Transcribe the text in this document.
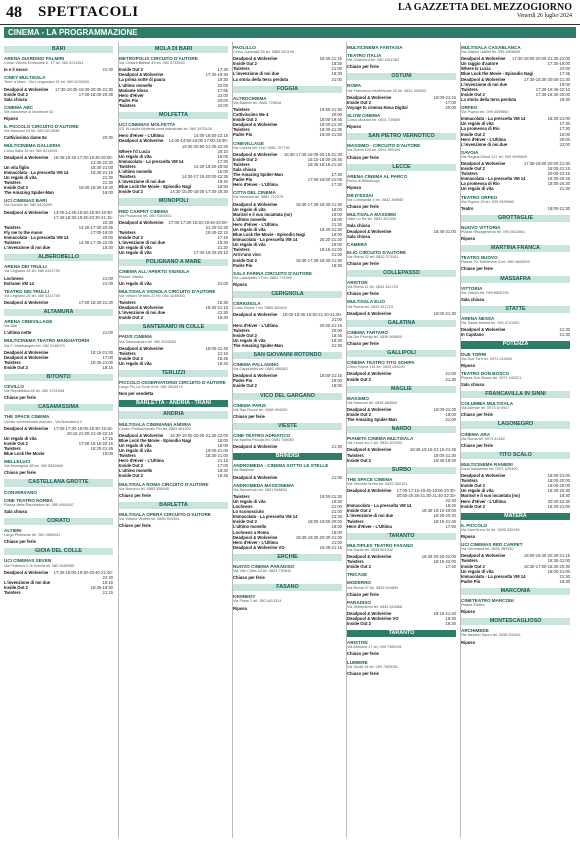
48 SPETTACOLI	LA GAZZETTA DEL MEZZOGIORNO
Venerdì 26 luglio 2024
CINEMA - LA PROGRAMMAZIONE
BARI
ARENA GIARDINO PALMIRI
Corso Vittorio Emanuele II, 17 tel. 080 5214811
Io e il secco	21:30
CINEY MULTISALA
Torre a Mare - Via Lungomare 51 tel. 080 5430000
Deadpool & Wolverine 17:30-18:30-19:30-20:30-21:30
Inside Out 2	17:00-18:00-20:45
Sala chiusa
CINEMA ABC
Via Marchese di Montrone 62
Riposo
IL PICCOLO CIRCUITO D'AUTORE
Via Manzoni 24 tel. 080 5213838
Cattivissimo dame 8x	20:30
MULTICINEMA GALLERIA
Corso Italia 15 tel. 080 5214631
Deadpool & Wolverine	16:45-19:45-17:30-18:30-20:00-21:30-22:30
Un vita figlio	18:30-21:00
Immacolata - La prescelta VM 14	18:30-21:15
Un regalo di vita	21:30
Twisters	21:30
Inside Out 2	18:00-18:30-19:30
The Amazing Spider-Man	18:00
UCI CINEMAS BARI
Via Gandhi tel. 080 5420000
Deadpool & Wolverine	14:00-14:45-15:30-18:30-18:30-17:40-18:30-19:45-20:30-21:15-22:30
Twisters	14:30-17:30-20:45
Fly me to the moon	17:00-18:00
Immacolata - La prescelta VM 14	20:00
Twisters	14:30-17:30-22:05
L'invenzione di noi due	18:30
ALBEROBELLO
ARENA DEI TRULLI
Via Legnano 26 tel. 080 4321750
Lochness	21:00
Estranei VM 14	21:00
TEATRO DEI TRULLI
Via Legnano 26 tel. 080 4321750
Deadpool & Wolverine	17:00-18:30-21:30
ALTAMURA
ARENA CINEVILLAGE
Via Bari
L'ultima notte	21:00
MULTICINEMA TEATRO MANGIATORDI
Via F. Mastrangelo tel. 080 3148079
Deadpool & Wolverine	18:15-21:30
Deadpool & Wolverine	17:00
Twisters	18:30-21:00
Inside Out 2	18:15
BITONTO
CEVILLO
Via Repubblica 45 tel. 080 3751598
Chiuso per ferie
CASAMASSIMA
THE SPACE CINEMA
Centro commerciale Auchan - Via Noicattaro 2
Deadpool & Wolverine	17:00-17:30-18:05-18:30-19:15-20:15-21:00-21:40-22:15
Un regalo di vita	17:15
Inside Out 2	17:00-18:15-20:15
Twisters	18:20-21:45
Blue Lock the Movie	18:00
MELLELUCI
Via Monsignor 38 tel. 080 5539668
Chiuso per ferie
CASTELLANA GROTTE
CONVERSANO
CINE TEATRO NORBA
Piazza della Repubblica tel. 080 4951647
Sala chiusa
CORATO
ALTIERI
Largo Plebiscito tel. 080 3580051
Chiuso per ferie
GIOIA DEL COLLE
UCI CINEMAS SEVEN
Via Federico II di Svevia tel. 080 3480555
Deadpool & Wolverine	17:30-18:00-19:30-20:40-21:40-22:40
L'invenzione di noi due	18:15
Inside Out 2	18:25-18:50
Twisters	21:15
MOLA DI BARI
METROPOLIS CIRCUITO D'AUTORE
Via Cesare Battisti 49 tel. 080 4735500
Inside Out 2	17:30
Deadpool & Wolverine	17:30-19:30
La prima notte di paura	19:30
L'ultimo monello	22:00
Madame Idosa	17:55
Hero d'Hiver	22:00
Padre Pio	20:00
Twisters	22:00
MOLFETTA
UCI CINEMAS MOLFETTA
SS 16 uscita Molfetta zona industriale tel. 080 3975100
Hero d'Hiver - L'Ultima	14:00-18:50-22:15
Deadpool & Wolverine	14:00-14:50-16:00-17:00-18:30-19:30-20:50-21:30-22:30
Where I'd Lucia	20:10
Un regalo di vita	18:00
Immacolata - La prescelta VM 14	17:30
Twisters	14:20-16:20-20:50
L'ultimo monello	15:00
Twisters	14:30-17:15-20:00-22:35
L'invenzione di noi due	19:40
Blue Lock the Movie - Episodio Nagi	18:50
Inside Out 2	14:30-15:00-18:00-17:30-20:30
MONOPOLI
RED CARPET CINEMA
Via Procaccia tel. 080 9300001
Deadpool & Wolverine	17:00-17:30-18:30-19:45-20:00-21:20-22:30
Twisters	19:40-22:10
Inside Out 2	17:15
L'invenzione di noi due	18:30
Un regalo di vita	21:20
Un regalo di vita	17:40-19:40-20:10
POLIGNANO A MARE
CINEMA ALL'APERTO VIGNOLA
Piazza Vittoria
Un regalo di vita	21:00
MULTISALA VIGNOLA CIRCUITO D'AUTORE
Via Vittorio Veneto 22 tel. 080 4249063
Twisters	18:30
Deadpool & Wolverine	18:30-21:15
L'invenzione di noi due	21:30
Inside Out 2	18:30
SANTERAMO IN COLLE
PADIS CINEMA
Via Sannicandro tel. 080 3023283
Deadpool & Wolverine	18:00-21:45
Twisters	21:15
Inside Out 2	18:45
Un regalo di vita	18:40
TERLIZZI
PICCOLO OSSERVATORIO CIRCUITO D'AUTORE
Largo Pio La Torre 8 tel. 080 3516474
Non per vendetta
BARLETTA - ANDRIA - TRANI
ANDRIA
MULTISALA CINEMANIA ANDRIA
Centro Polifunzionale Pio tel. 0883 561922
Deadpool & Wolverine 16:30-19:00-20:00-21:30-22:00
Blue Lock the Movie - Episodio Nagi	18:00
Un regalo di vita	19:00
Un regalo di vita	19:00-21:00
Twisters	18:30-21:00
Hero d'Hiver - L'Ultima	21:15
Inside Out 2	17:00
L'ultimo monello	18:30
Inside Out 2	18:45
MULTISALA ROMA CIRCUITO D'AUTORE
Via Bonomo tel. 0883 558040
Chiuso per ferie
BARLETTA
MULTISALA OPERA CIRCUITO D'AUTORE
Via Vittorio Veneto tel. 0883 510351
Chiuso per ferie
PAOLILLO
Corso Garibaldi 25 tel. 0883 510190
Deadpool & Wolverine	18:30-21:15
Inside Out 2	18:30
Twisters	21:00
L'invenzione di noi due	18:30
La storia della terra perduta	21:00
FOGGIA
ALTROCINEMA
Via Bianchi tel. 0881 725616
Twisters	18:50-21:30
Cattivissimo Me 4	20:00
Inside Out 2	18:00-19:45
Deadpool & Wolverine	18:00-21:30
Twisters	18:30-21:30
Padre Pio	18:00-21:50
CINEVILLAGE
Via Lucera km 1 tel. 0881 757790
Deadpool & Wolverine 16:30-17:45-18:00-20:15-21:30
Inside Out 2	16:15-18:00-20:45
Twisters	18:45-18:15-21:40
Sala chiusa
The Amazing Spider-Man	17:30
Padre Pio	17:00-18:00-21:05
Hero d'Hiver - L'Ultima	17:30
CITTA DEL CINEMA
Via Manzoni tel. 0881 712279
Deadpool & Wolverine	18:30-17:30-18:30-21:30
Un regalo di vita	18:00
Marisol e il suo incantata (no)	18:00
L'ultimo monello	18:00
Hero d'Hiver - L'Ultima	21:30
Un regalo di vita	18:30-21:30
Blue Lock the Movie - Episodio Nagi	18:00
Immacolata - La prescelta VM 14	20:20-21:20
Un regalo di vita	18:00
Twisters	18:15-21:00
Arriv'ano vivo	21:30
Inside Out 2	18:30-17:30-18:30-21:30
Padre Pio	18:30
SALA FARINA CIRCUITO D'AUTORE
Via Lazzaretto 17 tel. 0881 774399
Riposo
CERIGNOLA
CERIGNOLA
Corso Roma 7 tel. 0885 462849
Deadpool & Wolverine	18:00-18:45-19:30-21:20-21:00-21:00
Hero d'Hiver - L'Ultima	20:00-21:15
Twisters	20:00
Inside Out 2	18:45
Un regalo di vita	18:30
The Amazing Spider-Man	21:30
SAN GIOVANNI ROTONDO
CINEMA PALLADINO
Via Cappuccini tel. 0882 456363
Deadpool & Wolverine	18:00-21:15
Padre Pio	18:00
Inside Out 2	18:00
VICO DEL GARGANO
CINEMA PARIS
Via San Rocco tel. 0884 994300
Chiuso per ferie
VIESTE
CINE-TEATRO ADRIATICO
Via Marina Piccola tel. 0884 708080
Deadpool & Wolverine	21:30
BRINDISI
ANDROMEDA - CINEMA SOTTO LE STELLE
Via Bastione
Deadpool & Wolverine	21:00
ANDROMEDA MAXICINEMA
Via Benvenuto tel. 0831 548834
Twisters	18:00-21:30
Un regalo di vita	19:30
Lochness	21:00
Lo sconosciuto	21:00
Immacolata - La prescelta VM 14	22:30
Inside Out 2	18:00-19:00-20:00
L'ultimo monello	19:30
Lochness a Roma	18:00
Deadpool & Wolverine	18:30-19:30-20:30-21:30
Hero d'Hiver - L'Ultima	21:00
Deadpool & Wolverine VO	18:45-21:15
ERCHIE
NUOVO CINEMA PARADISO
Via Vito Civita 18 tel. 0831 750640
Chiuso per ferie
FASANO
KENNEDY
Via Piave 2 tel. 080 4413314
Riposo
MULTICINEMA FANTASIA
TEATRO ITALIA
Via Cristoforo tel. 080 4411063
Chiuso per ferie
OSTUNI
ROMA
Via Francesco Intellettuale 32 tel. 0831 335000
Deadpool & Wolverine	18:00-21:15
Inside Out 2	17:00
Voyage to cinema Nova Digital	20:00
SLOW CINEMA
Corso Mazzini tel. 0831 729809
Riposo
SAN PIETRO VERNOTICO
MASSIMO - CIRCUITO D'AUTORE
Via Roma 120 tel. 0831 650154
Chiuso per ferie
LECCE
ARENA CINEMA AL PARCO
Parco di Belloluogo
Riposo
DB D'ESSAI
Via Lombardia 4 tel. 0832 398987
Chiuso per ferie
MULTISALA MASSIMO
Viale Lo Re tel. 0832 307433
Sala chiusa
Deadpool & Wolverine	18:45-21:00
Sala chiusa
CAMERA
ELIO CIRCUITO D'AUTORE
Via Roma 32 tel. 0832 373181
Chiuso per ferie
COLLEPASSO
ARISTON
Via Roma 11 tel. 0833 341723
Chiuso per ferie
MULTISALA ELIO
Via Roma tel. 0833 341723
Deadpool & Wolverine	18:00-21:30
GALATINA
CINEMA TARTARO
Via Dei Principi tel. 0836 566800
Chiuso per ferie
GALLIPOLI
CINEMA TEATRO TITO SCHIPA
Corso Roma 114 tel. 0833 269200
Deadpool & Wolverine	21:00
Inside Out 2	21:30
MAGLIE
MASSIMO
Via Manzoni tel. 0836 484500
Deadpool & Wolverine	18:00-21:30
Inside Out 2	18:00
The Amazing Spider-Man	21:00
NARDO
PIANETA CINEMA MULTISALA
Via Lecce km 1 tel. 0833 870000
Deadpool & Wolverine	18:45-19:15-21:15-21:45
Twisters	18:00-21:30
Inside Out 2	18:40-19:40
SURBO
THE SPACE CINEMA
Via Vecchia Surbo tel. 0832 362121
Deadpool & Wolverine	17:00-17:15-18:45-19:05-20:30-20:50-20:45-21:30-21:40-22:10-22:40
Immacolata - La prescelta VM 14	18:20
Inside Out 2	18:40-19:10-20:00
L'invenzione di noi due	18:25-20:20
Twisters	18:15-21:45
Hero d'Hiver - L'Ultima	17:50
TARANTO
MULTIPLEX TEATRO FASANO
Via Dante tel. 0833 561342
Deadpool & Wolverine	18:30-20:20-22:00
Twisters	18:15-22:00
Inside Out 2	17:40
TRICASE
MODERNO
Via Roma 47 tel. 0833 544859
Chiuso per ferie
PARADISO
Via Settembrini tel. 0833 543368
Deadpool & Wolverine	18:15-21:40
Deadpool & Wolverine VO	18:30
Inside Out 2	19:30
TARANTO
ARISTON
Via Abruzzo 17 tel. 099 7369031
Chiuso per ferie
LUMIERE
Via Giusti 44 tel. 099 7369051
Chiuso per ferie
MULTISALA CASABLANCA
Via Galileo Galilei tel. 099 4599600
Deadpool & Wolverine 17:30-18:00-20:00-21:30-22:00
Un raggio d'autore	17:30-19:00
Where Is Lucia	22:00
Blue Lock the Movie - Episodio Nagi	17:45
Deadpool & Wolverine	17:30-18:30-20:00-21:30
L'invenzione di noi due	19:00
Twisters	17:30-19:45-22:10
Inside Out 2	17:30-18:30-20:00
La storia della terra perduta	18:30
ORFEO
Via Pupino tel. 099 4539660
Immacolata - La prescelta VM 14	18:30-21:00
Un regalo di vita	17:30
La promessa di Rio	17:30
Inside Out 2	18:00
Hero d'Hiver - L'Ultima	20:00
L'invenzione di noi due	22:00
SAVOIA
Via Regina Elena 127 tel. 099 4599600
Deadpool & Wolverine	17:30-18:00-20:00-21:30
Inside Out 2	18:00-21:15
Twisters	20:00-22:15
Immacolata - La prescelta VM 14	18:30-20:45
La promessa di Rio	18:00-20:30
Un regalo di vita	21:30
TEATRO ORFEO
Via Pupino 25 tel. 099 4539660
Teatro	18:00-21:30
GROTTAGLIE
NUOVO VITTORIA
Piazza Risorgimento tel. 099 5622061
Riposo
MARTINA FRANCA
TEATRO NUOVO
Piazza XX Settembre 5 tel. 080 4805593
Chiuso per ferie
MASSAFRA
VITTORIA
Via Vittorio tel. 099 8806700
Sala chiusa
STATTE
ARENA NESSA
Via Santa Marina tel. 099 4741000
Deadpool & Wolverine	21:30
In Capitano	21:30
POTENZA
DUE TORRI
Via Due Torri tel. 0971 411690
Riposo
TEATRO DON BOSCO
Piazza Don Bosco tel. 0971 442021
Sala chiusa
FRANCAVILLA IN SINNI
COLUMBIA MULTISALA
Via Allende tel. 0973 574947
Chiuso per ferie
LAGONEGRO
CINEMA ARA
Via Roma tel. 0973 41452
Chiuso per ferie
TITO SCALO
MULTICINEMA RANIERI
Zona Industriale tel. 0971 620400
Deadpool & Wolverine	18:00-21:00
Twisters	18:00-20:00
Inside Out 2	18:00-20:00
Un regalo di vita	18:30-20:30
Marisol e il suo incantata (no)	18:30
Hero d'Hiver - L'Ultima	20:30-22:30
Inside Out 2	18:30-21:00
MATERA
IL PICCOLO
Via Sant'Anna 34 tel. 0835 330195
Riposo
UCI CINEMAS RED CARPET
Via Germania tel. 0835 389330
Deadpool & Wolverine	18:00-19:30-20:30-21:15
Twisters	18:30-21:00
Inside Out 2	18:30-17:00-18:30-20:30
Un regalo di vita	18:00-21:00
Immacolata - La prescelta VM 14	21:30
Padre Pio	18:30
MARCONIA
CINETEATRO MARCONI
Piazza Elettra
Riposo
MONTESCAGLIOSO
ARCHIMEDE
Via Nazario Sauro tel. 0835 200411
Riposo
